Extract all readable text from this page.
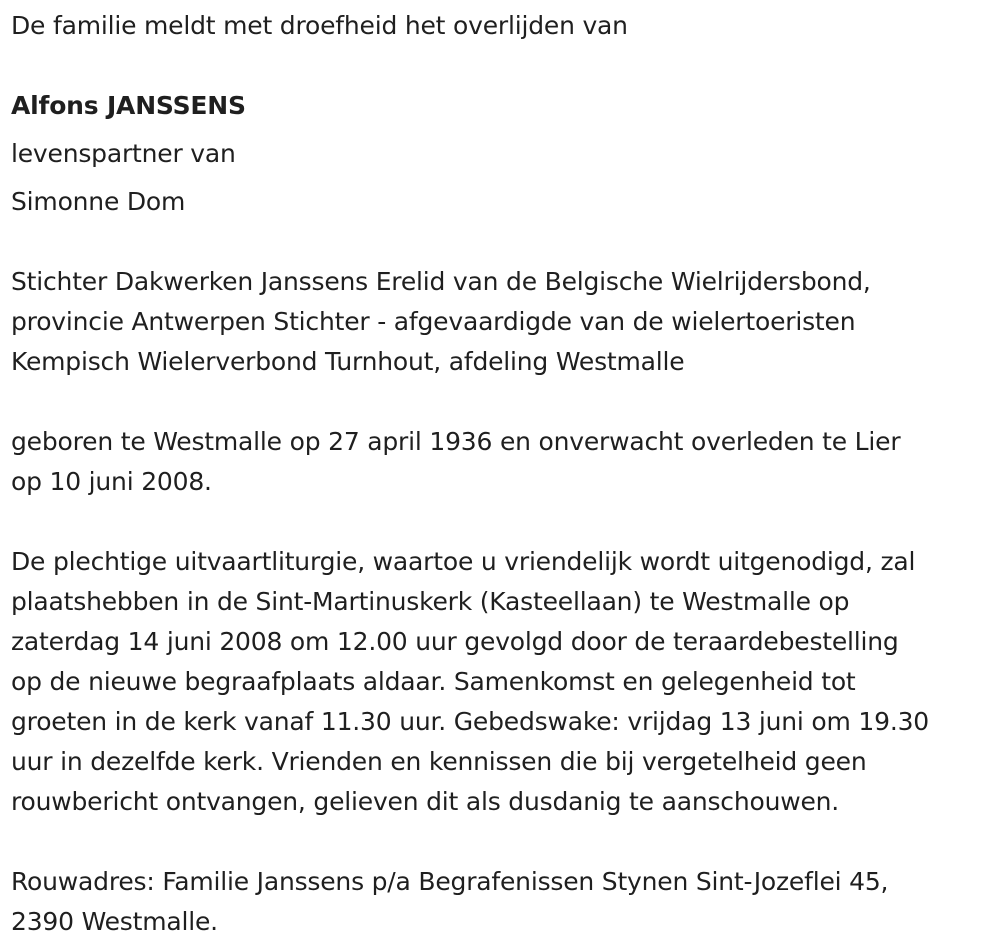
De familie meldt met droefheid het overlijden van
Alfons JANSSENS
levenspartner van
Simonne Dom
Stichter Dakwerken Janssens Erelid van de Belgische Wielrijdersbond,
provincie Antwerpen Stichter - afgevaardigde van de wielertoeristen
Kempisch Wielerverbond Turnhout, afdeling Westmalle
geboren te Westmalle op 27 april 1936 en onverwacht overleden te Lier
op 10 juni 2008.
De plechtige uitvaartliturgie, waartoe u vriendelijk wordt uitgenodigd, zal
plaatshebben in de Sint-Martinuskerk (Kasteellaan) te Westmalle op
zaterdag 14 juni 2008 om 12.00 uur gevolgd door de teraardebestelling
op de nieuwe begraafplaats aldaar. Samenkomst en gelegenheid tot
groeten in de kerk vanaf 11.30 uur. Gebedswake: vrijdag 13 juni om 19.30
uur in dezelfde kerk. Vrienden en kennissen die bij vergetelheid geen
rouwbericht ontvangen, gelieven dit als dusdanig te aanschouwen.
Rouwadres: Familie Janssens p/a Begrafenissen Stynen Sint-Jozeflei 45,
2390 Westmalle.
